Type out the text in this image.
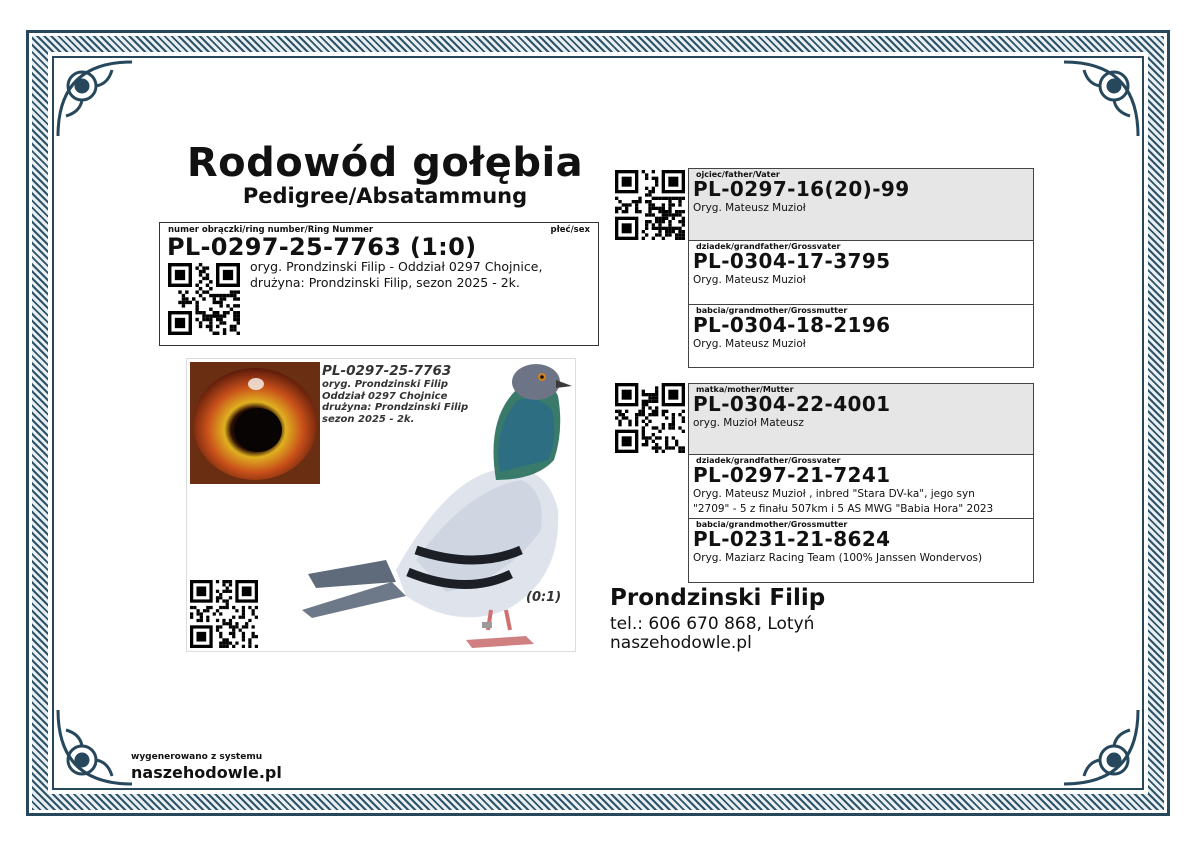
Rodowód gołębia
Pedigree/Absatammung
numer obrączki/ring number/Ring Nummer	płeć/sex
PL-0297-25-7763 (1:0)
oryg. Prondzinski Filip - Oddział 0297 Chojnice,
drużyna: Prondzinski Filip, sezon 2025 - 2k.
PL-0297-25-7763
oryg. Prondzinski Filip
Oddział 0297 Chojnice
drużyna: Prondzinski Filip
sezon 2025 - 2k.
(0:1)
ojciec/father/Vater
PL-0297-16(20)-99
Oryg. Mateusz Muzioł
dziadek/grandfather/Grossvater
PL-0304-17-3795
Oryg. Mateusz Muzioł
babcia/grandmother/Grossmutter
PL-0304-18-2196
Oryg. Mateusz Muzioł
matka/mother/Mutter
PL-0304-22-4001
oryg. Muzioł Mateusz
dziadek/grandfather/Grossvater
PL-0297-21-7241
Oryg. Mateusz Muzioł , inbred "Stara DV-ka", jego syn
"2709" - 5 z finału 507km i 5 AS MWG "Babia Hora" 2023
babcia/grandmother/Grossmutter
PL-0231-21-8624
Oryg. Maziarz Racing Team (100% Janssen Wondervos)
Prondzinski Filip
tel.: 606 670 868, Lotyń
naszehodowle.pl
wygenerowano z systemu
naszehodowle.pl
